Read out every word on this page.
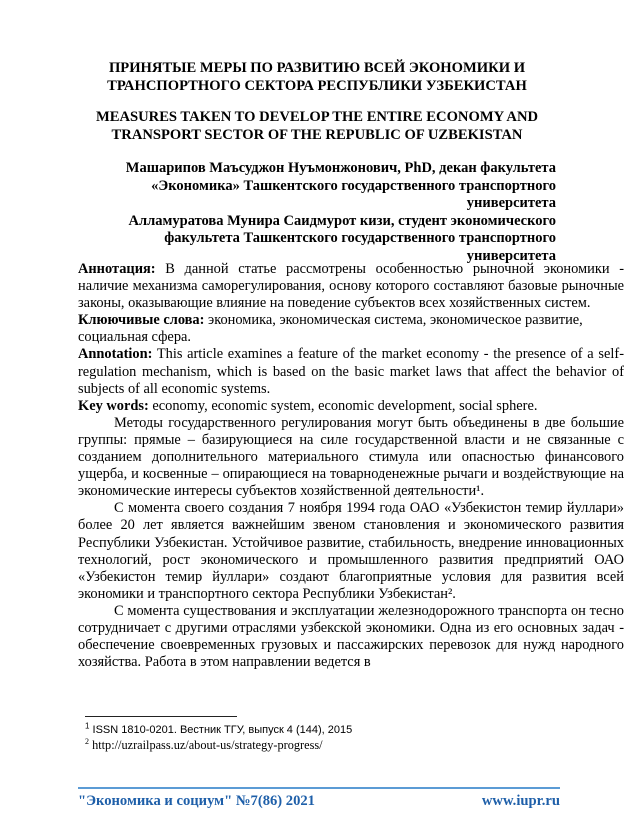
ПРИНЯТЫЕ МЕРЫ ПО РАЗВИТИЮ ВСЕЙ ЭКОНОМИКИ И
ТРАНСПОРТНОГО СЕКТОРА РЕСПУБЛИКИ УЗБЕКИСТАН
MEASURES TAKEN TO DEVELOP THE ENTIRE ECONOMY AND
TRANSPORT SECTOR OF THE REPUBLIC OF UZBEKISTAN
Машарипов Маъсуджон Нуъмонжонович, PhD, декан факультета
«Экономика» Ташкентского государственного транспортного университета
Алламуратова Мунира Саидмурот кизи, студент экономического
факультета Ташкентского государственного транспортного
университета

Аннотация: В данной статье рассмотрены особенностью рыночной экономики - наличие механизма саморегулирования, основу которого составляют базовые рыночные законы, оказывающие влияние на поведение субъектов всех хозяйственных систем.

Клюючивые слова: экономика, экономическая система, экономическое развитие, социальная сфера.

Annotation: This article examines a feature of the market economy - the presence of a self-regulation mechanism, which is based on the basic market laws that affect the behavior of subjects of all economic systems.

Key words: economy, economic system, economic development, social sphere.

Методы государственного регулирования могут быть объединены в две большие группы: прямые – базирующиеся на силе государственной власти и не связанные с созданием дополнительного материального стимула или опасностью финансового ущерба, и косвенные – опирающиеся на товарноденежные рычаги и воздействующие на экономические интересы субъектов хозяйственной деятельности¹.

С момента своего создания 7 ноября 1994 года ОАО «Узбекистон темир йуллари» более 20 лет является важнейшим звеном становления и экономического развития Республики Узбекистан. Устойчивое развитие, стабильность, внедрение инновационных технологий, рост экономического и промышленного развития предприятий ОАО «Узбекистон темир йуллари» создают благоприятные условия для развития всей экономики и транспортного сектора Республики Узбекистан².

С момента существования и эксплуатации железнодорожного транспорта он тесно сотрудничает с другими отраслями узбекской экономики. Одна из его основных задач - обеспечение своевременных грузовых и пассажирских перевозок для нужд народного хозяйства. Работа в этом направлении ведется в

$^1$ ISSN 1810-0201. Вестник ТГУ, выпуск 4 (144), 2015

$^2$ http://uzrailpass.uz/about-us/strategy-progress/

"Экономика и социум" №7(86) 2021	www.iupr.ru
